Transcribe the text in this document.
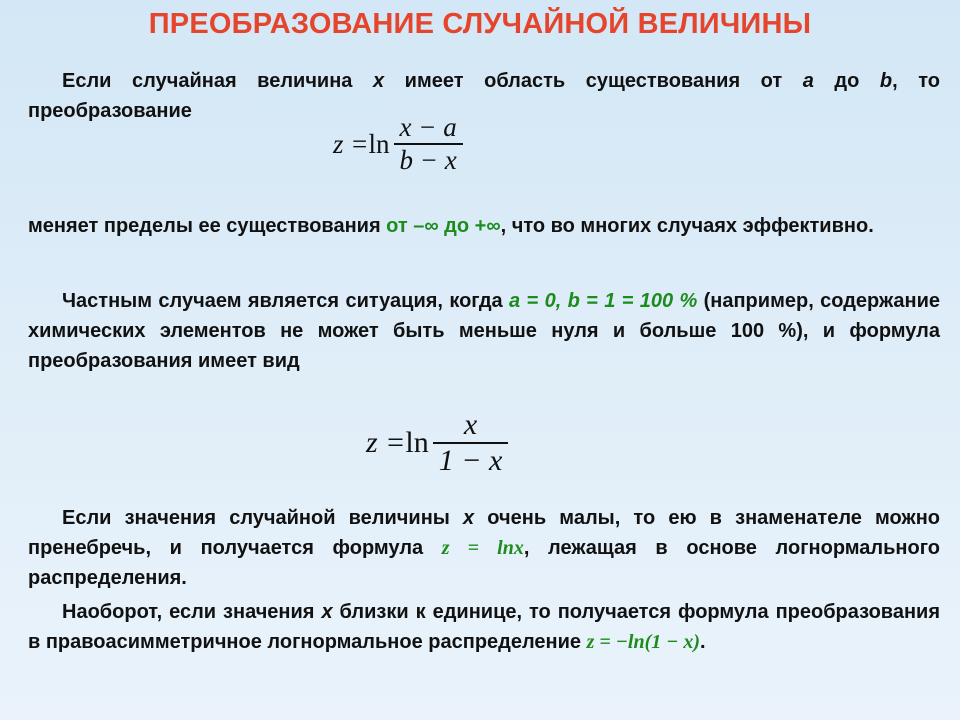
ПРЕОБРАЗОВАНИЕ СЛУЧАЙНОЙ ВЕЛИЧИНЫ
Если случайная величина x имеет область существования от a до b, то преобразование
$z = \ln \frac{x - a}{b - x}$
меняет пределы ее существования от –∞ до +∞, что во многих случаях эффективно.
Частным случаем является ситуация, когда a = 0, b = 1 = 100 % (например, содержание химических элементов не может быть меньше нуля и больше 100 %), и формула преобразования имеет вид
$z = \ln \frac{x}{1 - x}$
Если значения случайной величины x очень малы, то ею в знаменателе можно пренебречь, и получается формула z = lnx, лежащая в основе логнормального распределения.
Наоборот, если значения x близки к единице, то получается формула преобразования в правоасимметричное логнормальное распределение z = −ln(1 − x).
